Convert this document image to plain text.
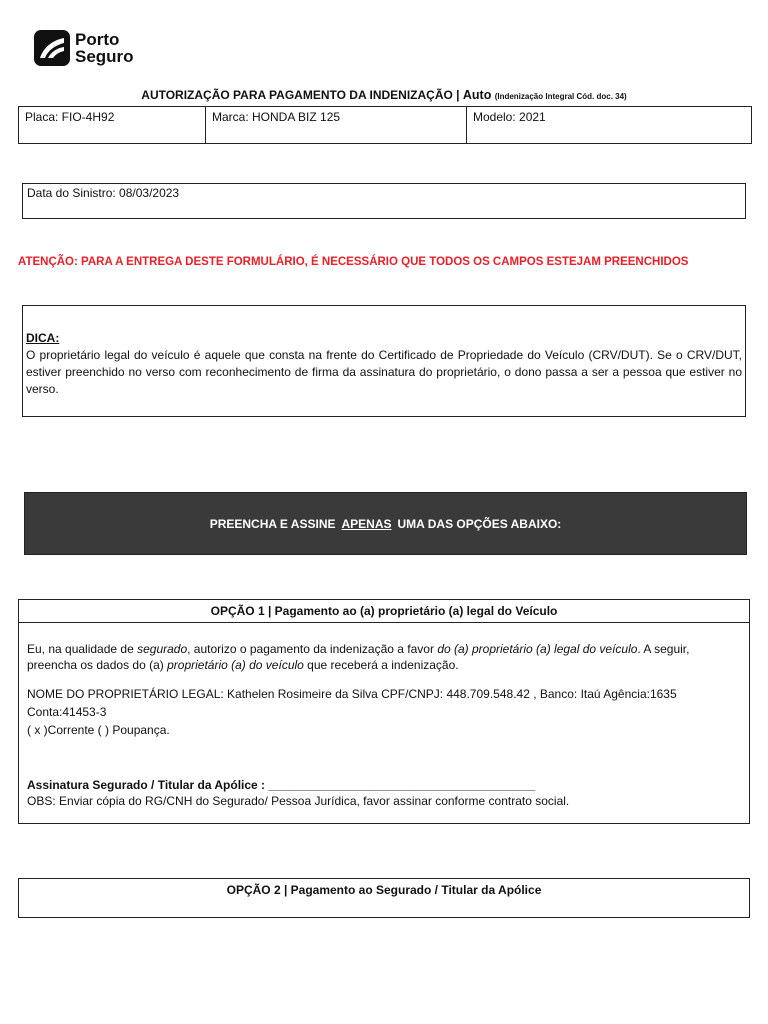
Porto
Seguro
AUTORIZAÇÃO PARA PAGAMENTO DA INDENIZAÇÃO | Auto (Indenização Integral Cód. doc. 34)
Placa: FIO-4H92	Marca: HONDA BIZ 125	Modelo: 2021
Data do Sinistro: 08/03/2023
ATENÇÃO: PARA A ENTREGA DESTE FORMULÁRIO, É NECESSÁRIO QUE TODOS OS CAMPOS ESTEJAM PREENCHIDOS
DICA:
O proprietário legal do veículo é aquele que consta na frente do Certificado de Propriedade do Veículo (CRV/DUT). Se o CRV/DUT, estiver preenchido no verso com reconhecimento de firma da assinatura do proprietário, o dono passa a ser a pessoa que estiver no verso.
PREENCHA E ASSINE APENAS UMA DAS OPÇÕES ABAIXO:
OPÇÃO 1 | Pagamento ao (a) proprietário (a) legal do Veículo
Eu, na qualidade de segurado, autorizo o pagamento da indenização a favor do (a) proprietário (a) legal do veículo. A seguir, preencha os dados do (a) proprietário (a) do veículo que receberá a indenização.
NOME DO PROPRIETÁRIO LEGAL: Kathelen Rosimeire da Silva CPF/CNPJ: 448.709.548.42 , Banco: Itaú Agência:1635
Conta:41453-3
( x )Corrente ( ) Poupança.
Assinatura Segurado / Titular da Apólice : ________________________________________
OBS: Enviar cópia do RG/CNH do Segurado/ Pessoa Jurídica, favor assinar conforme contrato social.
OPÇÃO 2 | Pagamento ao Segurado / Titular da Apólice
